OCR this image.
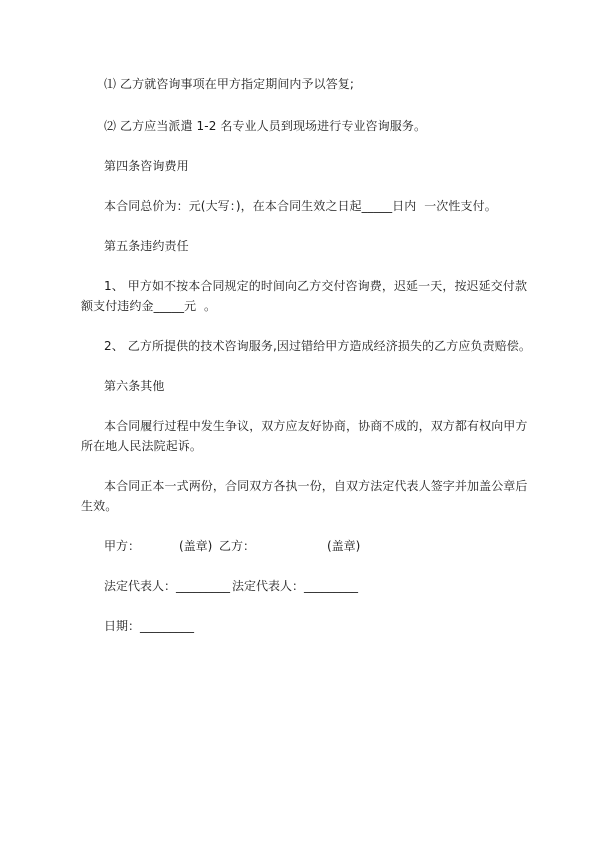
⑴ 乙方就咨询事项在甲方指定期间内予以答复;
⑵ 乙方应当派遣 1-2 名专业人员到现场进行专业咨询服务。
第四条咨询费用
本合同总价为：元(大写：)，在本合同生效之日起_____日内  一次性支付。
第五条违约责任
1、 甲方如不按本合同规定的时间向乙方交付咨询费，迟延一天，按迟延交付款
额支付违约金_____元  。
2、 乙方所提供的技术咨询服务,因过错给甲方造成经济损失的乙方应负责赔偿。
第六条其他
本合同履行过程中发生争议，双方应友好协商，协商不成的，双方都有权向甲方
所在地人民法院起诉。
本合同正本一式两份，合同双方各执一份，自双方法定代表人签字并加盖公章后
生效。

甲方：

	(盖章)

乙方：

	(盖章)

法定代表人：_________

法定代表人：_________

日期：_________
